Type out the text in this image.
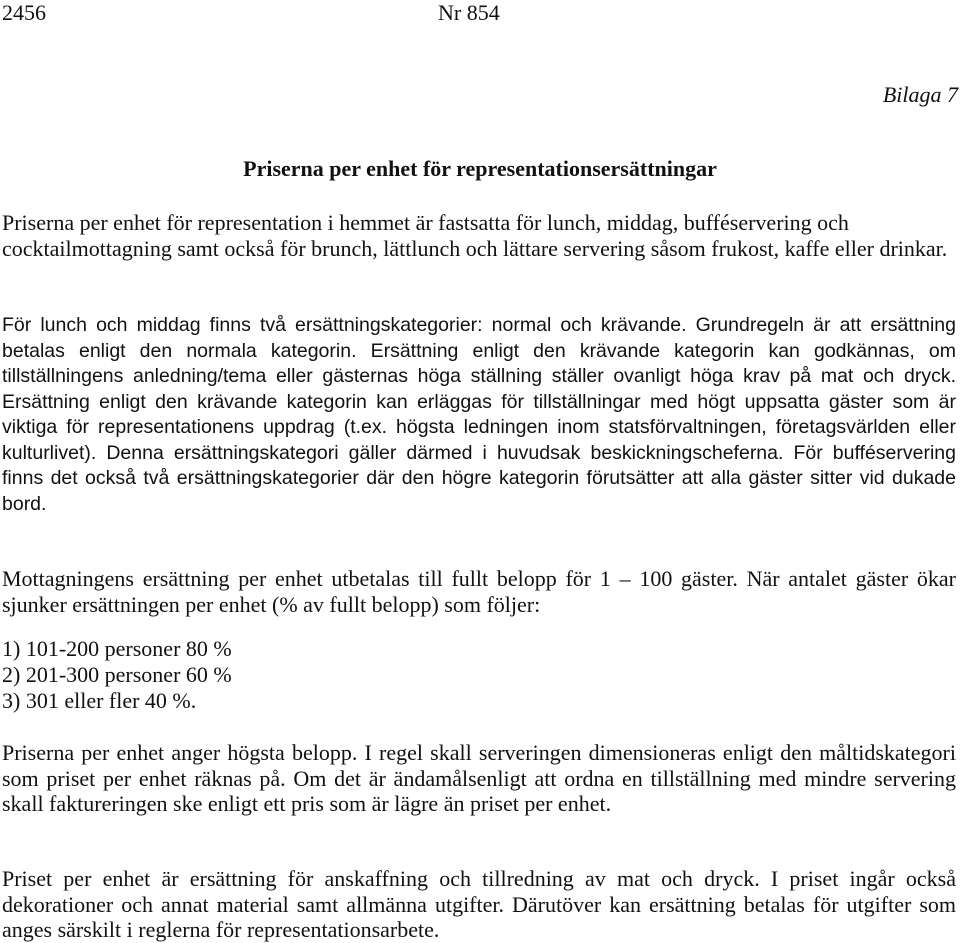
2456	Nr 854
Bilaga 7
Priserna per enhet för representationsersättningar

Priserna per enhet för representation i hemmet är fastsatta för lunch, middag, bufféservering och cocktailmottagning samt också för brunch, lättlunch och lättare servering såsom frukost, kaffe eller drinkar.

För lunch och middag finns två ersättningskategorier: normal och krävande. Grundregeln är att ersättning betalas enligt den normala kategorin. Ersättning enligt den krävande kategorin kan godkännas, om tillställningens anledning/tema eller gästernas höga ställning ställer ovanligt höga krav på mat och dryck. Ersättning enligt den krävande kategorin kan erläggas för tillställningar med högt uppsatta gäster som är viktiga för representationens uppdrag (t.ex. högsta ledningen inom statsförvaltningen, företagsvärlden eller kulturlivet). Denna ersättningskategori gäller därmed i huvudsak beskickningscheferna. För bufféservering finns det också två ersättningskategorier där den högre kategorin förutsätter att alla gäster sitter vid dukade bord.

Mottagningens ersättning per enhet utbetalas till fullt belopp för 1 – 100 gäster. När antalet gäster ökar sjunker ersättningen per enhet (% av fullt belopp) som följer:

1) 101-200 personer 80 %
2) 201-300 personer 60 %
3) 301 eller fler 40 %.

Priserna per enhet anger högsta belopp. I regel skall serveringen dimensioneras enligt den måltidskategori som priset per enhet räknas på. Om det är ändamålsenligt att ordna en tillställning med mindre servering skall faktureringen ske enligt ett pris som är lägre än priset per enhet.

Priset per enhet är ersättning för anskaffning och tillredning av mat och dryck. I priset ingår också dekorationer och annat material samt allmänna utgifter. Därutöver kan ersättning betalas för utgifter som anges särskilt i reglerna för representationsarbete.
